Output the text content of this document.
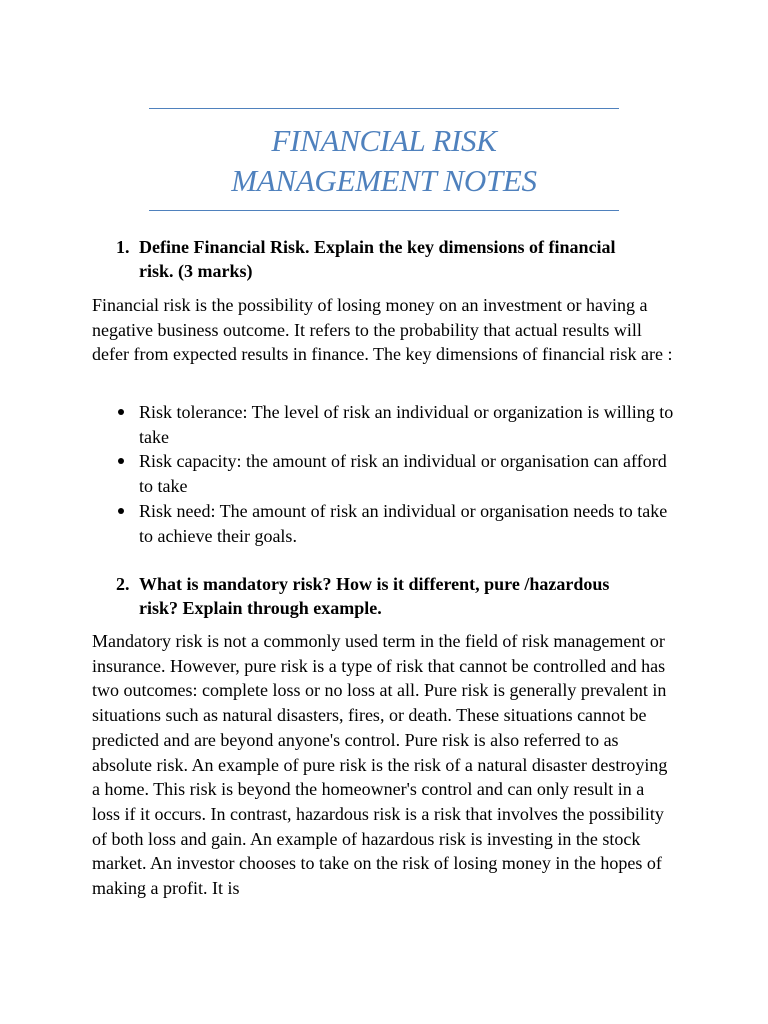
FINANCIAL RISK
MANAGEMENT NOTES
1. Define Financial Risk. Explain the key dimensions of financial risk. (3 marks)
Financial risk is the possibility of losing money on an investment or having a negative business outcome. It refers to the probability that actual results will defer from expected results in finance. The key dimensions of financial risk are :
Risk tolerance: The level of risk an individual or organization is willing to take
Risk capacity: the amount of risk an individual or organisation can afford to take
Risk need: The amount of risk an individual or organisation needs to take to achieve their goals.
2. What is mandatory risk? How is it different, pure /hazardous risk? Explain through example.
Mandatory risk is not a commonly used term in the field of risk management or insurance. However, pure risk is a type of risk that cannot be controlled and has two outcomes: complete loss or no loss at all. Pure risk is generally prevalent in situations such as natural disasters, fires, or death. These situations cannot be predicted and are beyond anyone's control. Pure risk is also referred to as absolute risk. An example of pure risk is the risk of a natural disaster destroying a home. This risk is beyond the homeowner's control and can only result in a loss if it occurs. In contrast, hazardous risk is a risk that involves the possibility of both loss and gain. An example of hazardous risk is investing in the stock market. An investor chooses to take on the risk of losing money in the hopes of making a profit. It is
